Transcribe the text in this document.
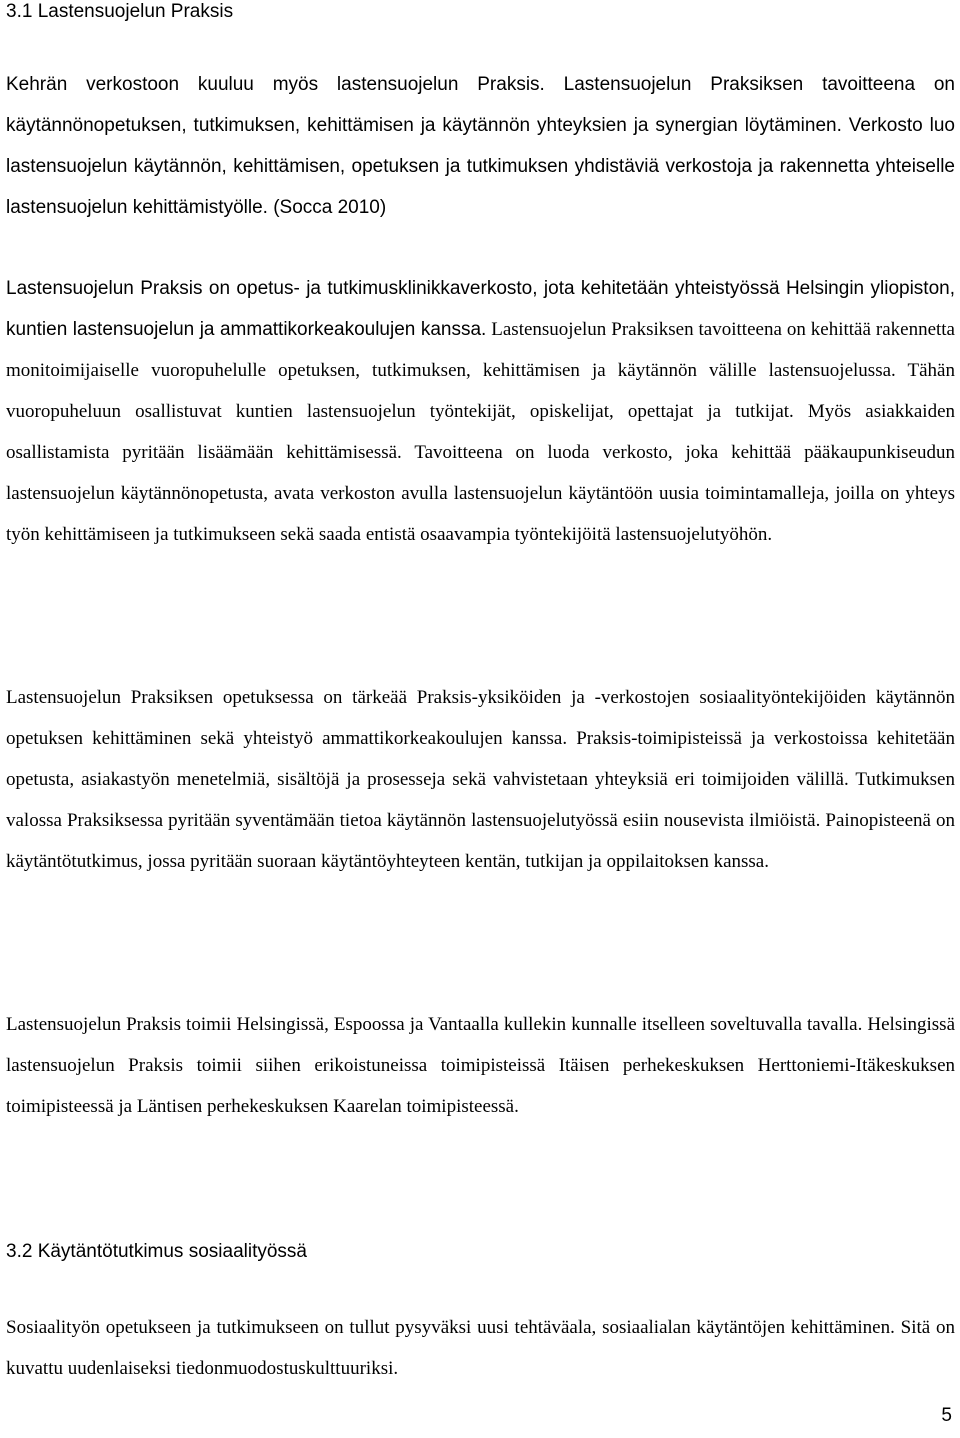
3.1 Lastensuojelun Praksis

Kehrän verkostoon kuuluu myös lastensuojelun Praksis. Lastensuojelun Praksiksen tavoitteena on käytännönopetuksen, tutkimuksen, kehittämisen ja käytännön yhteyksien ja synergian löytäminen. Verkosto luo lastensuojelun käytännön, kehittämisen, opetuksen ja tutkimuksen yhdistäviä verkostoja ja rakennetta yhteiselle lastensuojelun kehittämistyölle. (Socca 2010)

Lastensuojelun Praksis on opetus- ja tutkimusklinikkaverkosto, jota kehitetään yhteistyössä Helsingin yliopiston, kuntien lastensuojelun ja ammattikorkeakoulujen kanssa. Lastensuojelun Praksiksen tavoitteena on kehittää rakennetta monitoimijaiselle vuoropuhelulle opetuksen, tutkimuksen, kehittämisen ja käytännön välille lastensuojelussa. Tähän vuoropuheluun osallistuvat kuntien lastensuojelun työntekijät, opiskelijat, opettajat ja tutkijat. Myös asiakkaiden osallistamista pyritään lisäämään kehittämisessä. Tavoitteena on luoda verkosto, joka kehittää pääkaupunkiseudun lastensuojelun käytännönopetusta, avata verkoston avulla lastensuojelun käytäntöön uusia toimintamalleja, joilla on yhteys työn kehittämiseen ja tutkimukseen sekä saada entistä osaavampia työntekijöitä lastensuojelutyöhön.

Lastensuojelun Praksiksen opetuksessa on tärkeää Praksis-yksiköiden ja -verkostojen sosiaalityöntekijöiden käytännön opetuksen kehittäminen sekä yhteistyö ammattikorkeakoulujen kanssa. Praksis-toimipisteissä ja verkostoissa kehitetään opetusta, asiakastyön menetelmiä, sisältöjä ja prosesseja sekä vahvistetaan yhteyksiä eri toimijoiden välillä. Tutkimuksen valossa Praksiksessa pyritään syventämään tietoa käytännön lastensuojelutyössä esiin nousevista ilmiöistä. Painopisteenä on käytäntötutkimus, jossa pyritään suoraan käytäntöyhteyteen kentän, tutkijan ja oppilaitoksen kanssa.

Lastensuojelun Praksis toimii Helsingissä, Espoossa ja Vantaalla kullekin kunnalle itselleen soveltuvalla tavalla. Helsingissä lastensuojelun Praksis toimii siihen erikoistuneissa toimipisteissä Itäisen perhekeskuksen Herttoniemi-Itäkeskuksen toimipisteessä ja Läntisen perhekeskuksen Kaarelan toimipisteessä.

3.2 Käytäntötutkimus sosiaalityössä

Sosiaalityön opetukseen ja tutkimukseen on tullut pysyväksi uusi tehtäväala, sosiaalialan käytäntöjen kehittäminen. Sitä on kuvattu uudenlaiseksi tiedonmuodostuskulttuuriksi.

5
